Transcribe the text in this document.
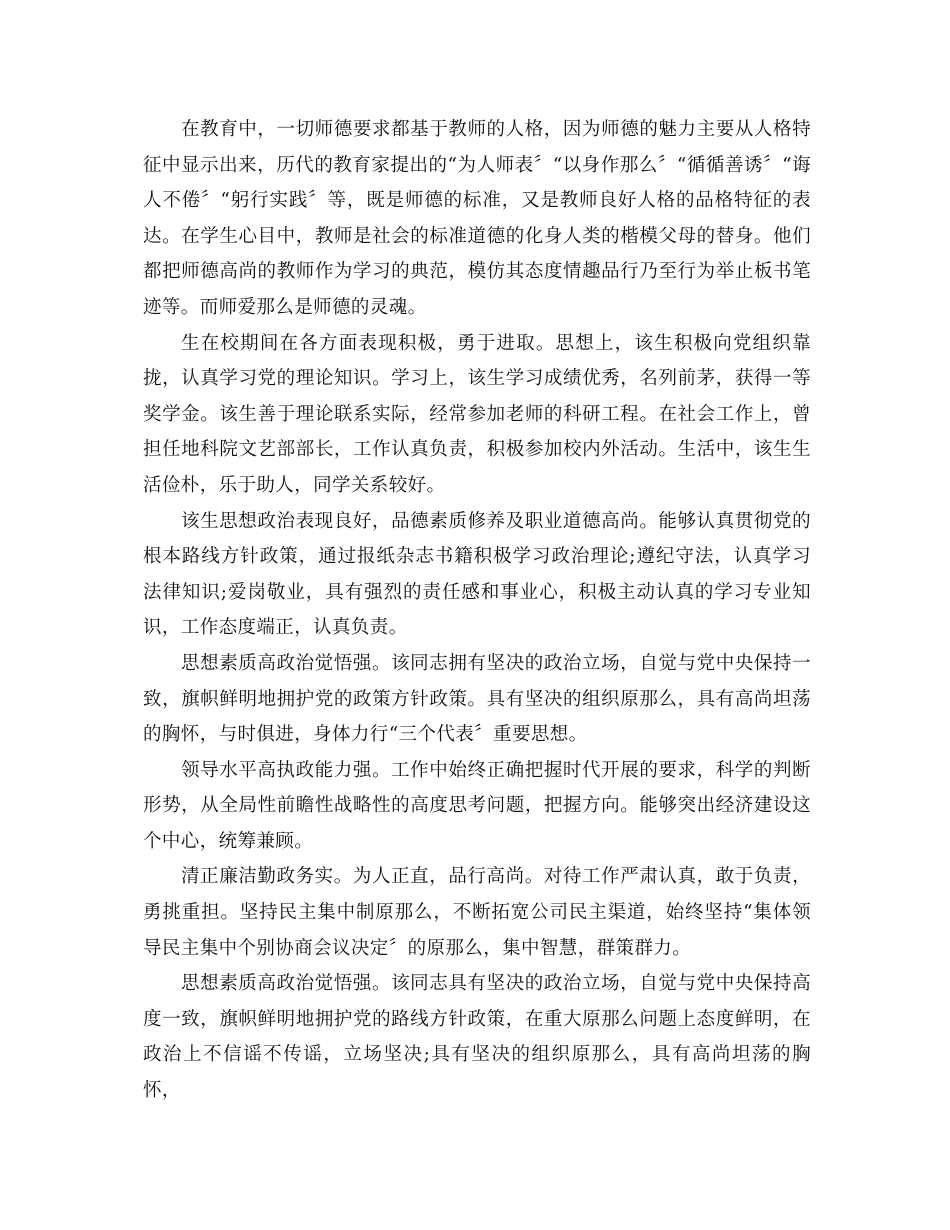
在教育中，一切师德要求都基于教师的人格，因为师德的魅力主要从人格特征中显示出来，历代的教育家提出的“为人师表〞“以身作那么〞“循循善诱〞“诲人不倦〞“躬行实践〞等，既是师德的标准，又是教师良好人格的品格特征的表达。在学生心目中，教师是社会的标准道德的化身人类的楷模父母的替身。他们都把师德高尚的教师作为学习的典范，模仿其态度情趣品行乃至行为举止板书笔迹等。而师爱那么是师德的灵魂。

生在校期间在各方面表现积极，勇于进取。思想上，该生积极向党组织靠拢，认真学习党的理论知识。学习上，该生学习成绩优秀，名列前茅，获得一等奖学金。该生善于理论联系实际，经常参加老师的科研工程。在社会工作上，曾担任地科院文艺部部长，工作认真负责，积极参加校内外活动。生活中，该生生活俭朴，乐于助人，同学关系较好。

该生思想政治表现良好，品德素质修养及职业道德高尚。能够认真贯彻党的根本路线方针政策，通过报纸杂志书籍积极学习政治理论;遵纪守法，认真学习法律知识;爱岗敬业，具有强烈的责任感和事业心，积极主动认真的学习专业知识，工作态度端正，认真负责。

思想素质高政治觉悟强。该同志拥有坚决的政治立场，自觉与党中央保持一致，旗帜鲜明地拥护党的政策方针政策。具有坚决的组织原那么，具有高尚坦荡的胸怀，与时俱进，身体力行“三个代表〞重要思想。

领导水平高执政能力强。工作中始终正确把握时代开展的要求，科学的判断形势，从全局性前瞻性战略性的高度思考问题，把握方向。能够突出经济建设这个中心，统筹兼顾。

清正廉洁勤政务实。为人正直，品行高尚。对待工作严肃认真，敢于负责，勇挑重担。坚持民主集中制原那么，不断拓宽公司民主渠道，始终坚持“集体领导民主集中个别协商会议决定〞的原那么，集中智慧，群策群力。

思想素质高政治觉悟强。该同志具有坚决的政治立场，自觉与党中央保持高度一致，旗帜鲜明地拥护党的路线方针政策，在重大原那么问题上态度鲜明，在政治上不信谣不传谣，立场坚决;具有坚决的组织原那么，具有高尚坦荡的胸怀，
